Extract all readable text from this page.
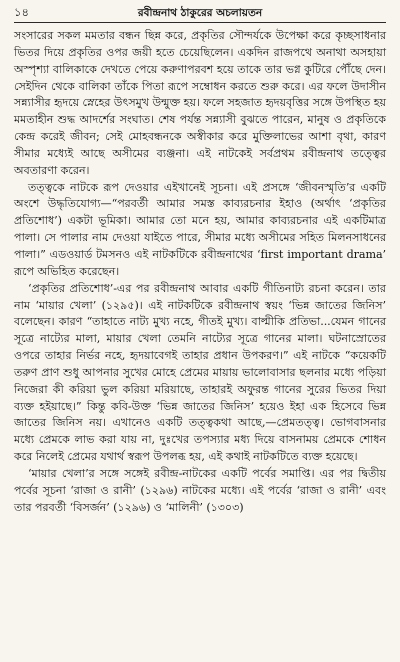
১৪	রবীন্দ্রনাথ ঠাকুরের অচলায়তন

সংসারের সকল মমতার বন্ধন ছিন্ন করে, প্রকৃতির সৌন্দর্যকে উপেক্ষা করে কৃচ্ছসাধনার ভিতর দিয়ে প্রকৃতির ওপর জয়ী হতে চেয়েছিলেন। একদিন রাজপথে অনাথা অসহায়া অস্পৃশ্যা বালিকাকে দেখতে পেয়ে করুণাপরবশ হয়ে তাকে তার ভগ্ন কুটিরে পৌঁছে দেন। সেইদিন থেকে বালিকা তাঁকে পিতা রূপে সম্বোধন করতে শুরু করে। এর ফলে উদাসীন সন্ন্যাসীর হৃদয়ে স্নেহের উৎসমুখ উন্মুক্ত হয়। ফলে সহজাত হৃদয়বৃত্তির সঙ্গে উপস্থিত হয় মমতাহীন শুদ্ধ আদর্শের সংঘাত। শেষ পর্যন্ত সন্ন্যাসী বুঝতে পারেন, মানুষ ও প্রকৃতিকে কেন্দ্র করেই জীবন; সেই মোহবন্ধনকে অস্বীকার করে মুক্তিলাভের আশা বৃথা, কারণ সীমার মধ্যেই আছে অসীমের ব্যঞ্জনা। এই নাটকেই সর্বপ্রথম রবীন্দ্রনাথ তত্ত্বের অবতারণা করেন।

তত্ত্বকে নাটকে রূপ দেওয়ার এইখানেই সূচনা। এই প্রসঙ্গে ‘জীবনস্মৃতি’র একটি অংশে উদ্ধৃতিযোগ্য—“পরবর্তী আমার সমস্ত কাব্যরচনার ইহাও (অর্থাৎ ‘প্রকৃতির প্রতিশোধ’) একটা ভূমিকা। আমার তো মনে হয়, আমার কাব্যরচনার এই একটিমাত্র পালা। সে পালার নাম দেওয়া যাইতে পারে, সীমার মধ্যে অসীমের সহিত মিলনসাধনের পালা।” এডওয়ার্ড টমসনও এই নাটকটিকে রবীন্দ্রনাথের ‘first important drama’ রূপে অভিহিত করেছেন।

‘প্রকৃতির প্রতিশোধ’-এর পর রবীন্দ্রনাথ আবার একটি গীতিনাট্য রচনা করেন। তার নাম ‘মায়ার খেলা’ (১২৯৫)। এই নাটকটিকে রবীন্দ্রনাথ স্বয়ং ‘ভিন্ন জাতের জিনিস’ বলেছেন। কারণ “তাহাতে নাট্য মুখ্য নহে, গীতই মুখ্য। বাল্মীকি প্রতিভা...যেমন গানের সূত্রে নাট্যের মালা, মায়ার খেলা তেমনি নাট্যের সূত্রে গানের মালা। ঘটনাস্রোতের ওপরে তাহার নির্ভর নহে, হৃদয়াবেগই তাহার প্রধান উপকরণ।” এই নাটকে “কয়েকটি তরুণ প্রাণ শুধু আপনার সুখের মোহে প্রেমের মায়ায় ভালোবাসার ছলনার মধ্যে পড়িয়া নিজেরা কী করিয়া ভুল করিয়া মরিয়াছে, তাহারই অফুরন্ত গানের সুরের ভিতর দিয়া ব্যক্ত হইয়াছে।” কিন্তু কবি-উক্ত ‘ভিন্ন জাতের জিনিস’ হয়েও ইহা এক হিসেবে ভিন্ন জাতের জিনিস নয়। এখানেও একটি তত্ত্বকথা আছে,—প্রেমতত্ত্ব। ভোগবাসনার মধ্যে প্রেমকে লাভ করা যায় না, দুঃখের তপস্যার মধ্য দিয়ে বাসনাময় প্রেমকে শোধন করে নিলেই প্রেমের যথার্থ স্বরূপ উপলব্ধ হয়, এই কথাই নাটকটিতে ব্যক্ত হয়েছে।

‘মায়ার খেলা’র সঙ্গে সঙ্গেই রবীন্দ্র-নাটকের একটি পর্বের সমাপ্তি। এর পর দ্বিতীয় পর্বের সূচনা ‘রাজা ও রানী’ (১২৯৬) নাটকের মধ্যে। এই পর্বের ‘রাজা ও রানী’ এবং তার পরবর্তী ‘বিসর্জন’ (১২৯৬) ও ‘মালিনী’ (১৩০৩)
